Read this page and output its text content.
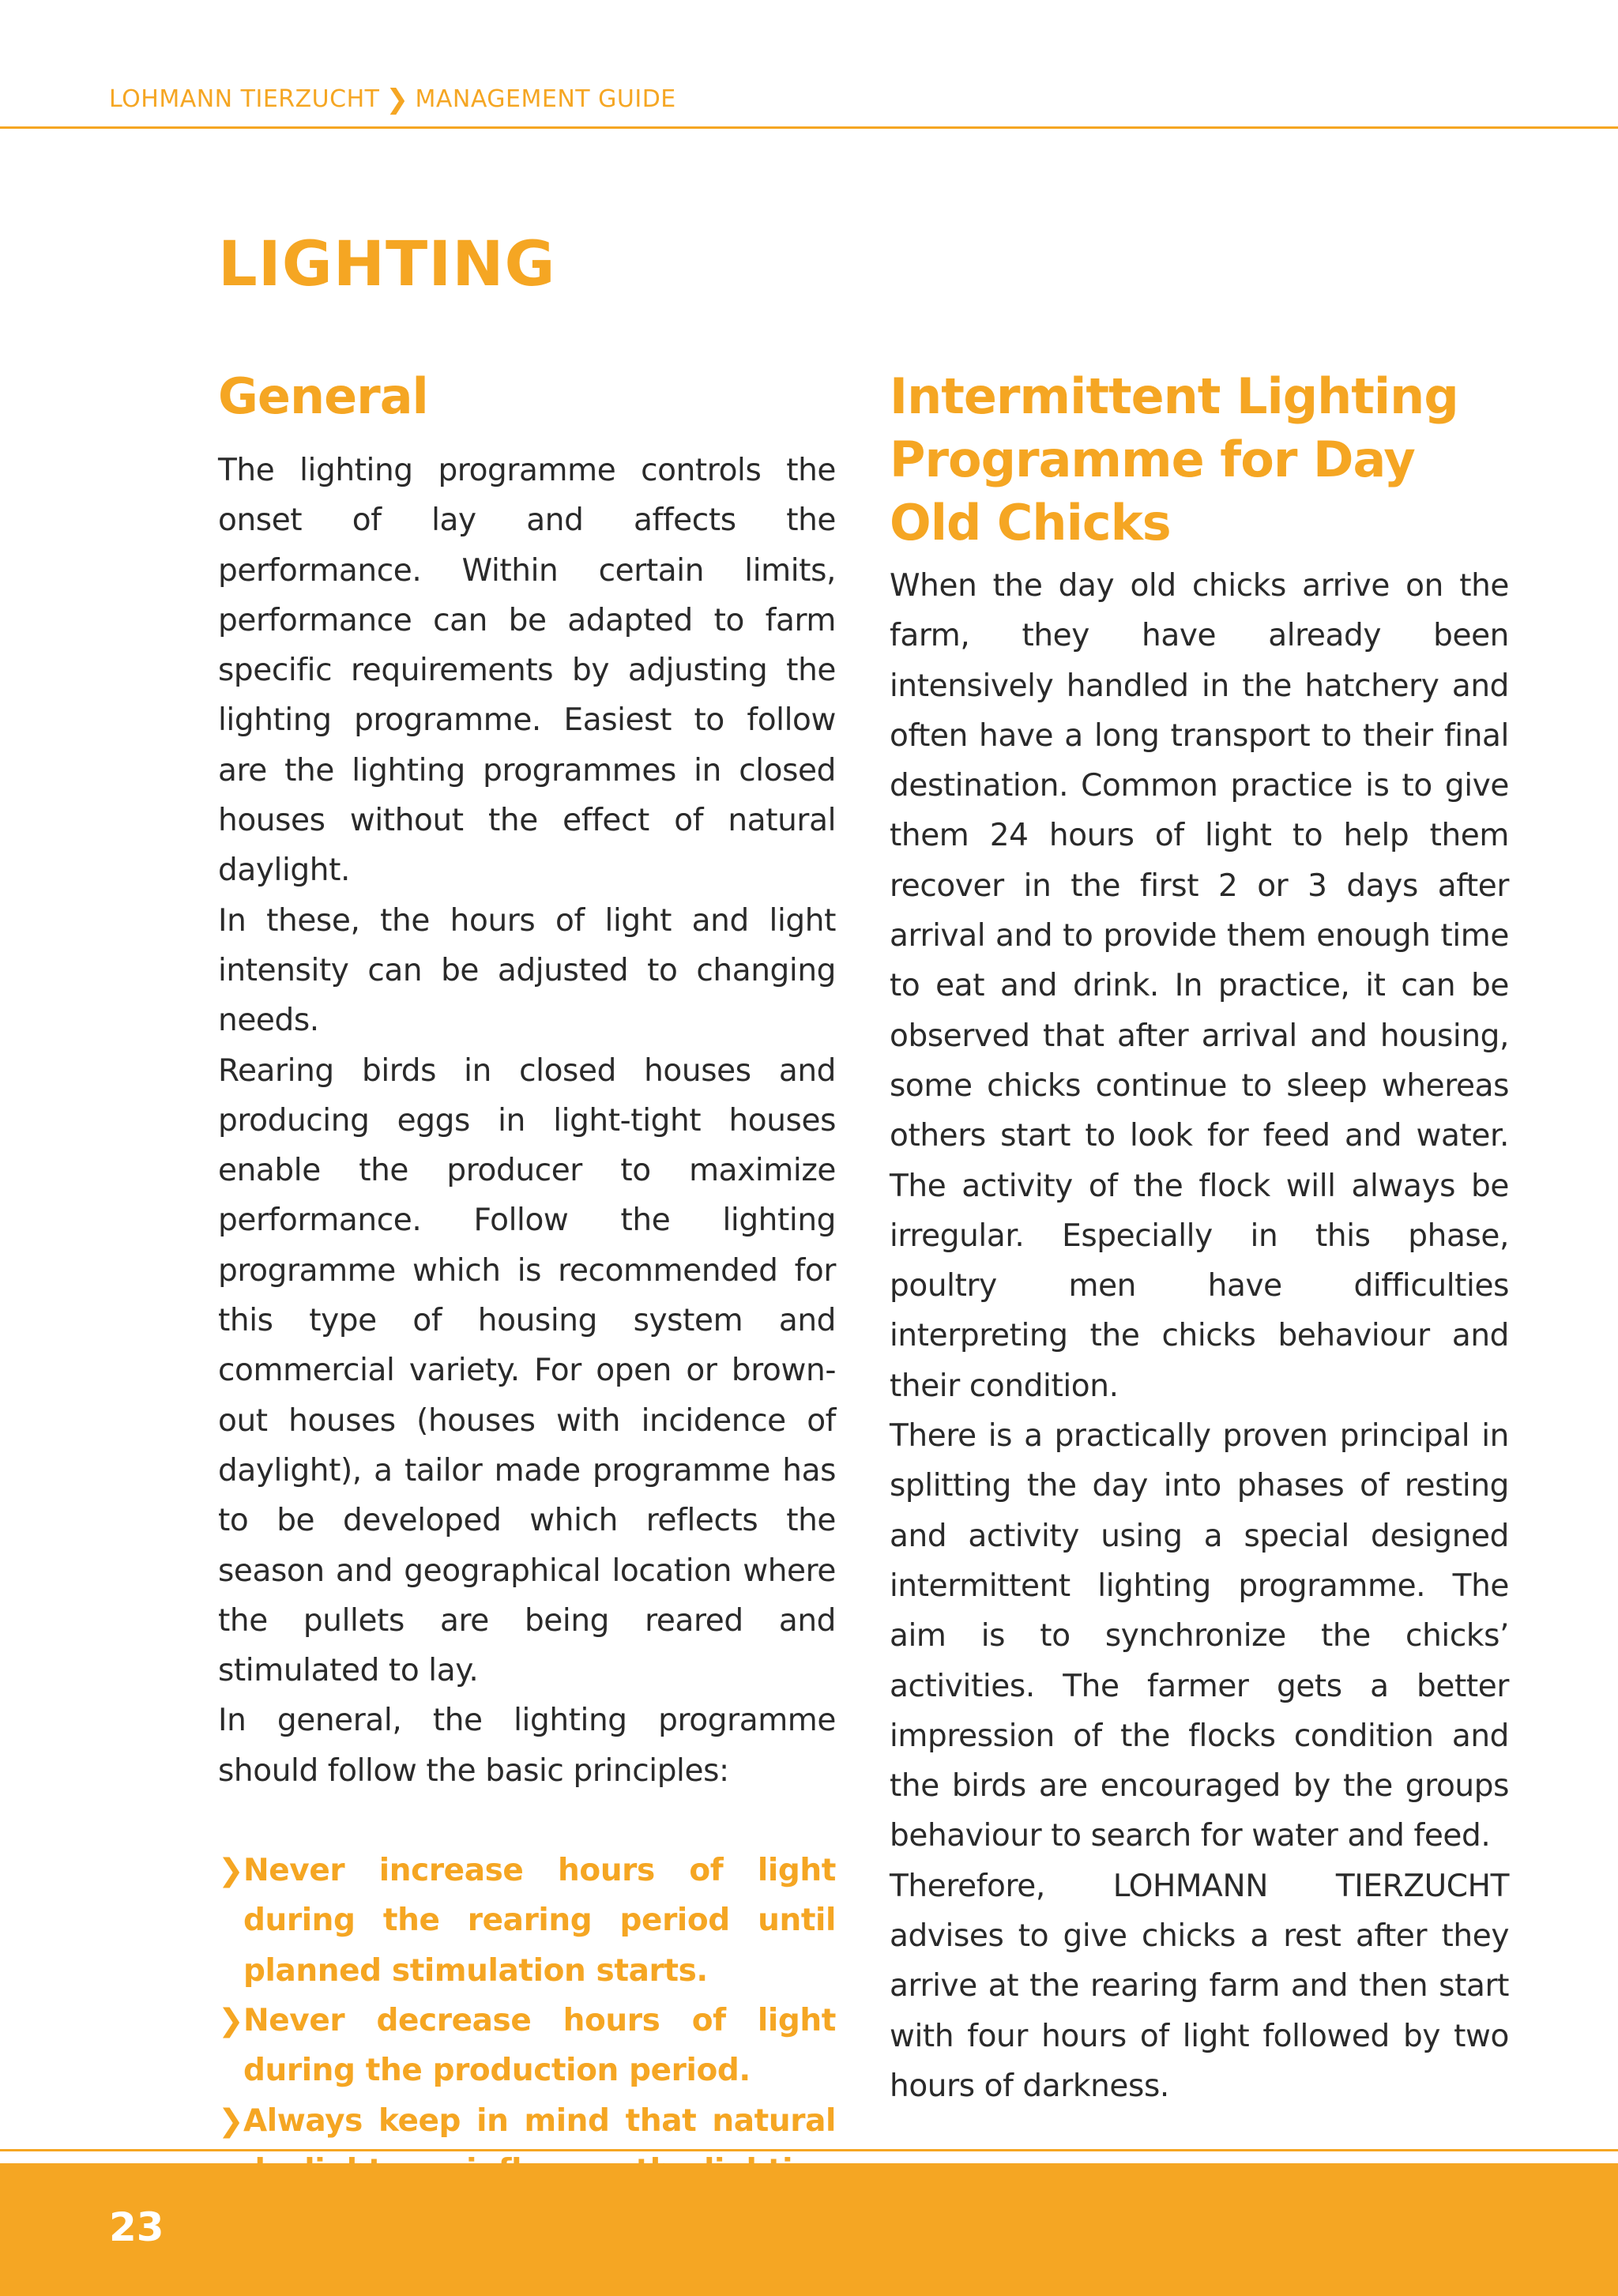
LOHMANN TIERZUCHT ❯ MANAGEMENT GUIDE
LIGHTING
General

The lighting programme controls the onset of lay and affects the performance. Within certain limits, performance can be adapted to farm specific requirements by adjusting the lighting programme. Easiest to follow are the lighting programmes in closed houses without the effect of natural daylight.

In these, the hours of light and light intensity can be adjusted to changing needs.

Rearing birds in closed houses and producing eggs in light-tight houses enable the producer to maximize performance. Follow the lighting programme which is recommended for this type of housing system and commercial variety. For open or brown-out houses (houses with incidence of daylight), a tailor made programme has to be developed which reflects the season and geographical location where the pullets are being reared and stimulated to lay.

In general, the lighting programme should follow the basic principles:

❯ Never increase hours of light during the rearing period until planned stimulation starts.
❯ Never decrease hours of light during the production period.
❯ Always keep in mind that natural
Intermittent Lighting Programme for Day Old Chicks

When the day old chicks arrive on the farm, they have already been intensively handled in the hatchery and often have a long transport to their final destination. Common practice is to give them 24 hours of light to help them recover in the first 2 or 3 days after arrival and to provide them enough time to eat and drink. In practice, it can be observed that after arrival and housing, some chicks continue to sleep whereas others start to look for feed and water. The activity of the flock will always be irregular. Especially in this phase, poultry men have difficulties interpreting the chicks behaviour and their condition.

There is a practically proven principal in splitting the day into phases of resting and activity using a special designed intermittent lighting programme. The aim is to synchronize the chicks’ activities. The farmer gets a better impression of the flocks condition and the birds are encouraged by the groups behaviour to search for water and feed.

Therefore, LOHMANN TIERZUCHT advises to give chicks a rest after they arrive at the rearing farm and then start with four hours of light followed by two hours of darkness.

23
